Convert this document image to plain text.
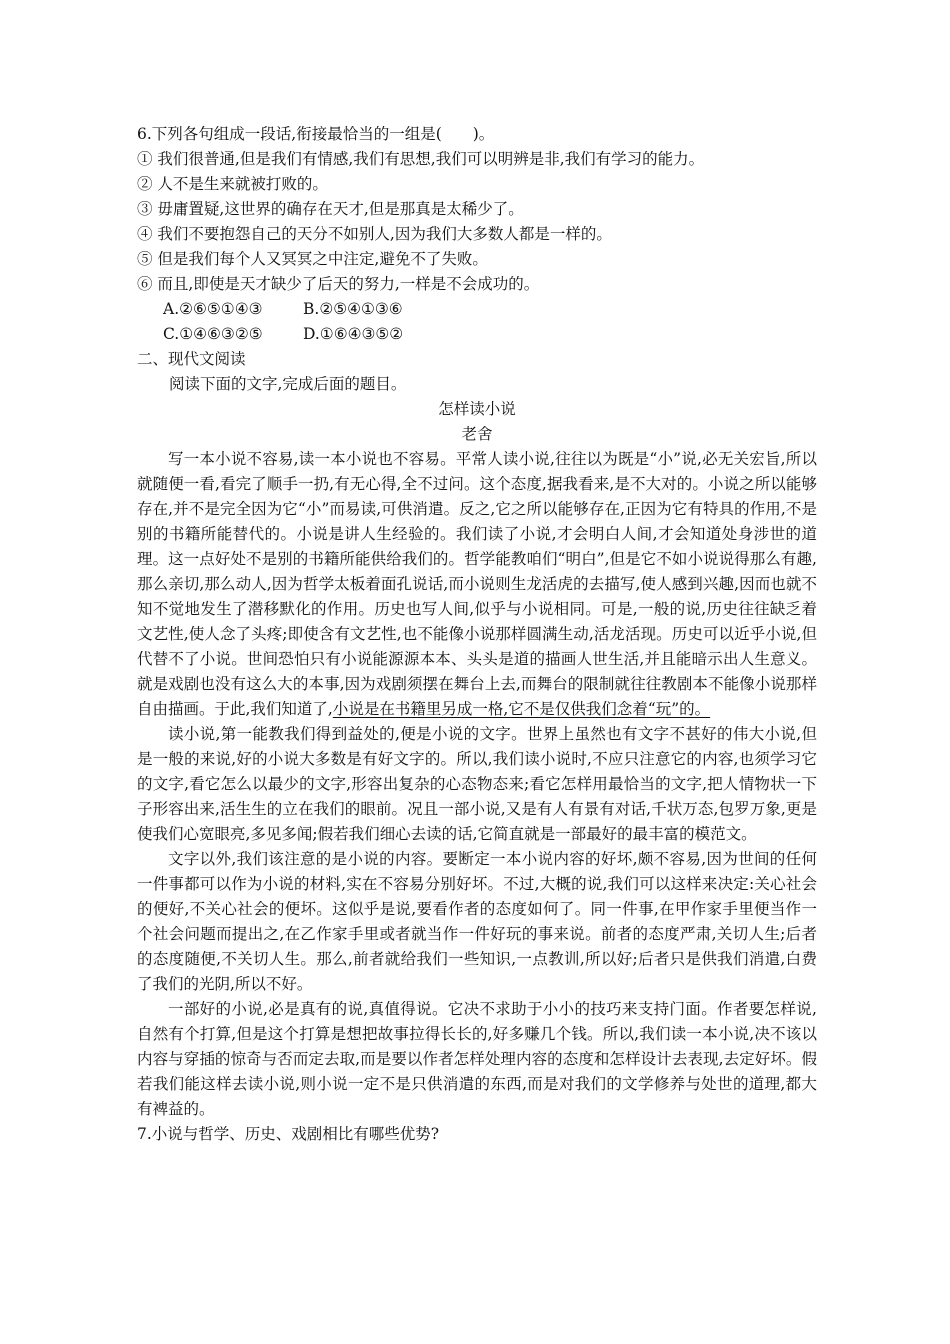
6.下列各句组成一段话,衔接最恰当的一组是(　　)。
① 我们很普通,但是我们有情感,我们有思想,我们可以明辨是非,我们有学习的能力。
② 人不是生来就被打败的。
③ 毋庸置疑,这世界的确存在天才,但是那真是太稀少了。
④ 我们不要抱怨自己的天分不如别人,因为我们大多数人都是一样的。
⑤ 但是我们每个人又冥冥之中注定,避免不了失败。
⑥ 而且,即使是天才缺少了后天的努力,一样是不会成功的。
A.②⑥⑤①④③	B.②⑤④①③⑥
C.①④⑥③②⑤	D.①⑥④③⑤②
二、现代文阅读
阅读下面的文字,完成后面的题目。
怎样读小说
老舍

写一本小说不容易,读一本小说也不容易。平常人读小说,往往以为既是“小”说,必无关宏旨,所以就随便一看,看完了顺手一扔,有无心得,全不过问。这个态度,据我看来,是不大对的。小说之所以能够存在,并不是完全因为它“小”而易读,可供消遣。反之,它之所以能够存在,正因为它有特具的作用,不是别的书籍所能替代的。小说是讲人生经验的。我们读了小说,才会明白人间,才会知道处身涉世的道理。这一点好处不是别的书籍所能供给我们的。哲学能教咱们“明白”,但是它不如小说说得那么有趣,那么亲切,那么动人,因为哲学太板着面孔说话,而小说则生龙活虎的去描写,使人感到兴趣,因而也就不知不觉地发生了潜移默化的作用。历史也写人间,似乎与小说相同。可是,一般的说,历史往往缺乏着文艺性,使人念了头疼;即使含有文艺性,也不能像小说那样圆满生动,活龙活现。历史可以近乎小说,但代替不了小说。世间恐怕只有小说能源源本本、头头是道的描画人世生活,并且能暗示出人生意义。就是戏剧也没有这么大的本事,因为戏剧须摆在舞台上去,而舞台的限制就往往教剧本不能像小说那样自由描画。于此,我们知道了,小说是在书籍里另成一格,它不是仅供我们念着“玩”的。

读小说,第一能教我们得到益处的,便是小说的文字。世界上虽然也有文字不甚好的伟大小说,但是一般的来说,好的小说大多数是有好文字的。所以,我们读小说时,不应只注意它的内容,也须学习它的文字,看它怎么以最少的文字,形容出复杂的心态物态来;看它怎样用最恰当的文字,把人情物状一下子形容出来,活生生的立在我们的眼前。况且一部小说,又是有人有景有对话,千状万态,包罗万象,更是使我们心宽眼亮,多见多闻;假若我们细心去读的话,它简直就是一部最好的最丰富的模范文。

文字以外,我们该注意的是小说的内容。要断定一本小说内容的好坏,颇不容易,因为世间的任何一件事都可以作为小说的材料,实在不容易分别好坏。不过,大概的说,我们可以这样来决定:关心社会的便好,不关心社会的便坏。这似乎是说,要看作者的态度如何了。同一件事,在甲作家手里便当作一个社会问题而提出之,在乙作家手里或者就当作一件好玩的事来说。前者的态度严肃,关切人生;后者的态度随便,不关切人生。那么,前者就给我们一些知识,一点教训,所以好;后者只是供我们消遣,白费了我们的光阴,所以不好。

一部好的小说,必是真有的说,真值得说。它决不求助于小小的技巧来支持门面。作者要怎样说,自然有个打算,但是这个打算是想把故事拉得长长的,好多赚几个钱。所以,我们读一本小说,决不该以内容与穿插的惊奇与否而定去取,而是要以作者怎样处理内容的态度和怎样设计去表现,去定好坏。假若我们能这样去读小说,则小说一定不是只供消遣的东西,而是对我们的文学修养与处世的道理,都大有裨益的。

7.小说与哲学、历史、戏剧相比有哪些优势?
